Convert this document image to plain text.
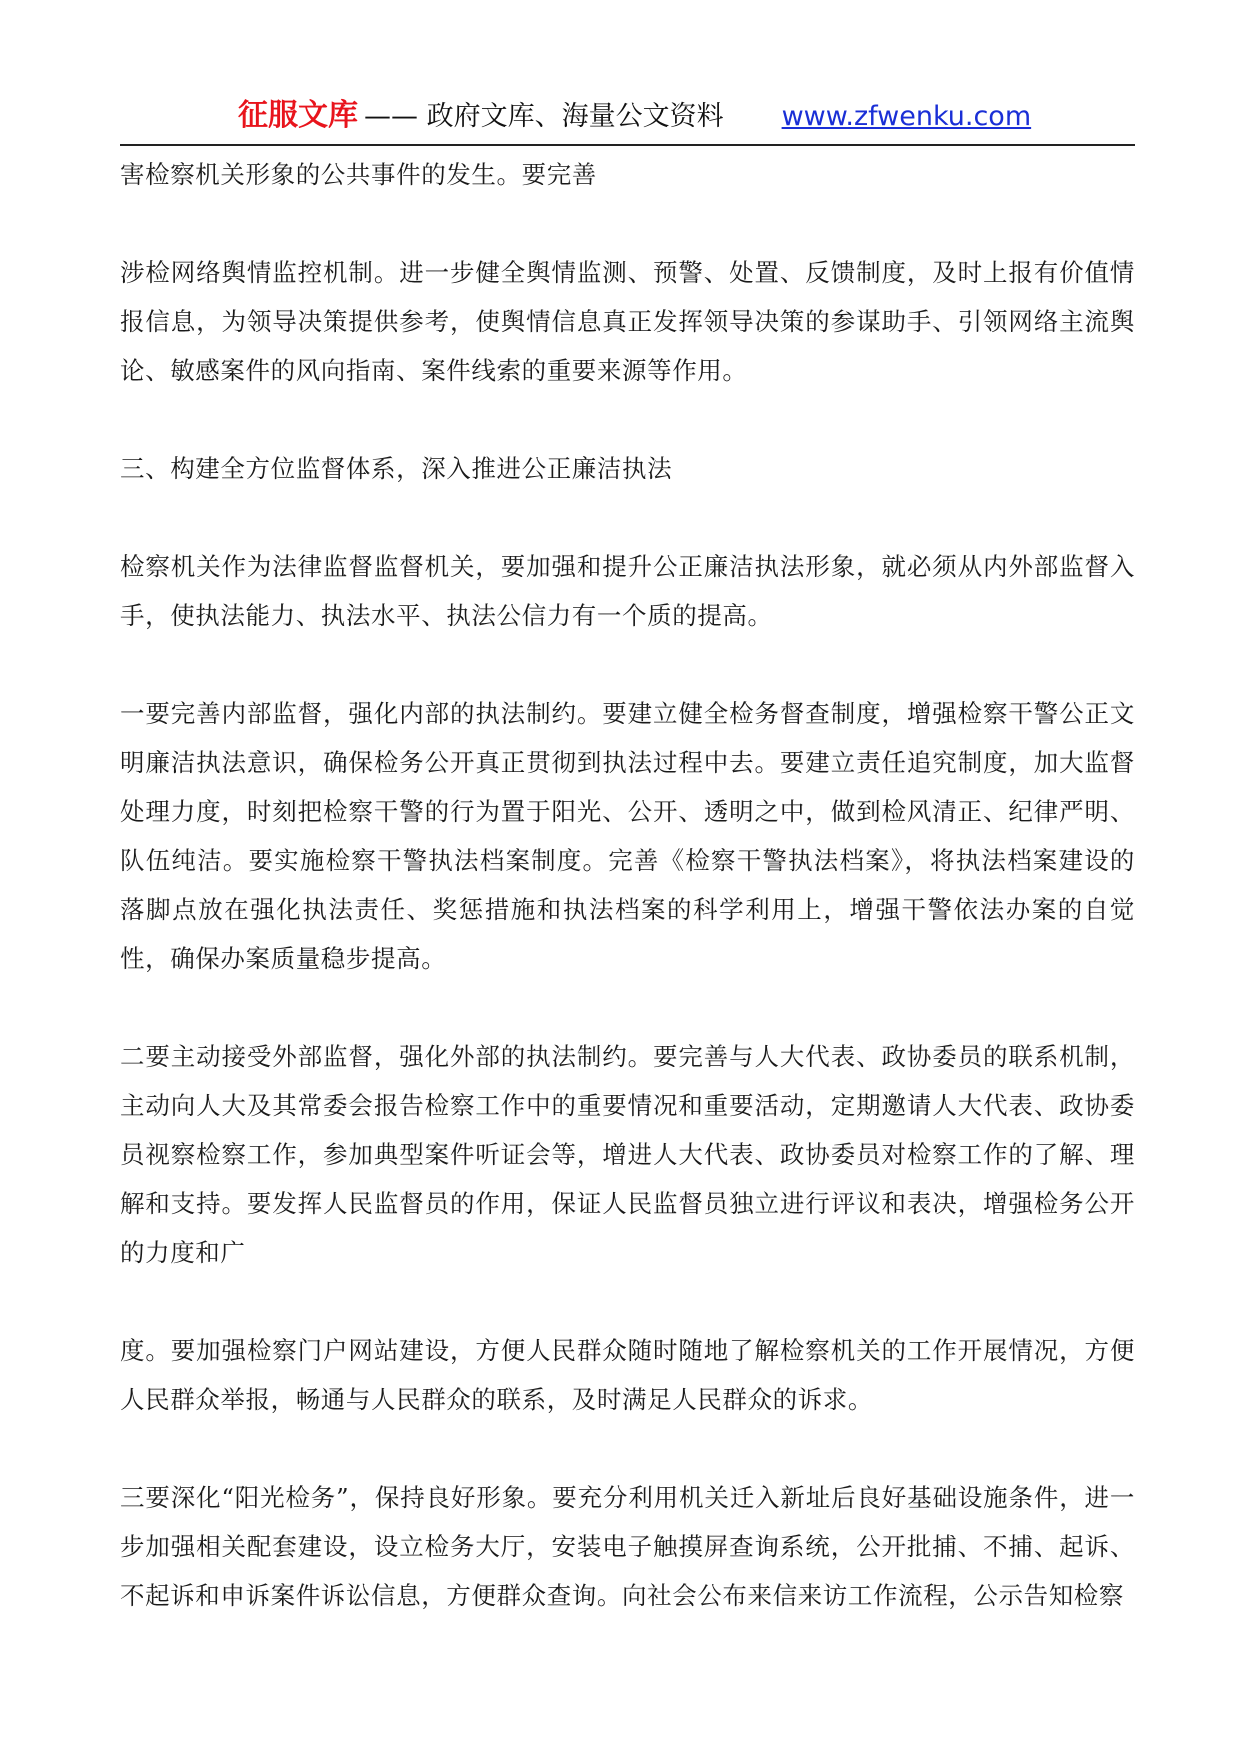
征服文库 —— 政府文库、海量公文资料 www.zfwenku.com

害检察机关形象的公共事件的发生。要完善

涉检网络舆情监控机制。进一步健全舆情监测、预警、处置、反馈制度，及时上报有价值情报信息，为领导决策提供参考，使舆情信息真正发挥领导决策的参谋助手、引领网络主流舆论、敏感案件的风向指南、案件线索的重要来源等作用。

三、构建全方位监督体系，深入推进公正廉洁执法

检察机关作为法律监督监督机关，要加强和提升公正廉洁执法形象，就必须从内外部监督入手，使执法能力、执法水平、执法公信力有一个质的提高。

一要完善内部监督，强化内部的执法制约。要建立健全检务督查制度，增强检察干警公正文明廉洁执法意识，确保检务公开真正贯彻到执法过程中去。要建立责任追究制度，加大监督处理力度，时刻把检察干警的行为置于阳光、公开、透明之中，做到检风清正、纪律严明、队伍纯洁。要实施检察干警执法档案制度。完善《检察干警执法档案》，将执法档案建设的落脚点放在强化执法责任、奖惩措施和执法档案的科学利用上，增强干警依法办案的自觉性，确保办案质量稳步提高。

二要主动接受外部监督，强化外部的执法制约。要完善与人大代表、政协委员的联系机制，主动向人大及其常委会报告检察工作中的重要情况和重要活动，定期邀请人大代表、政协委员视察检察工作，参加典型案件听证会等，增进人大代表、政协委员对检察工作的了解、理解和支持。要发挥人民监督员的作用，保证人民监督员独立进行评议和表决，增强检务公开的力度和广

度。要加强检察门户网站建设，方便人民群众随时随地了解检察机关的工作开展情况，方便人民群众举报，畅通与人民群众的联系，及时满足人民群众的诉求。

三要深化“阳光检务”，保持良好形象。要充分利用机关迁入新址后良好基础设施条件，进一步加强相关配套建设，设立检务大厅，安装电子触摸屏查询系统，公开批捕、不捕、起诉、不起诉和申诉案件诉讼信息，方便群众查询。向社会公布来信来访工作流程，公示告知检察
